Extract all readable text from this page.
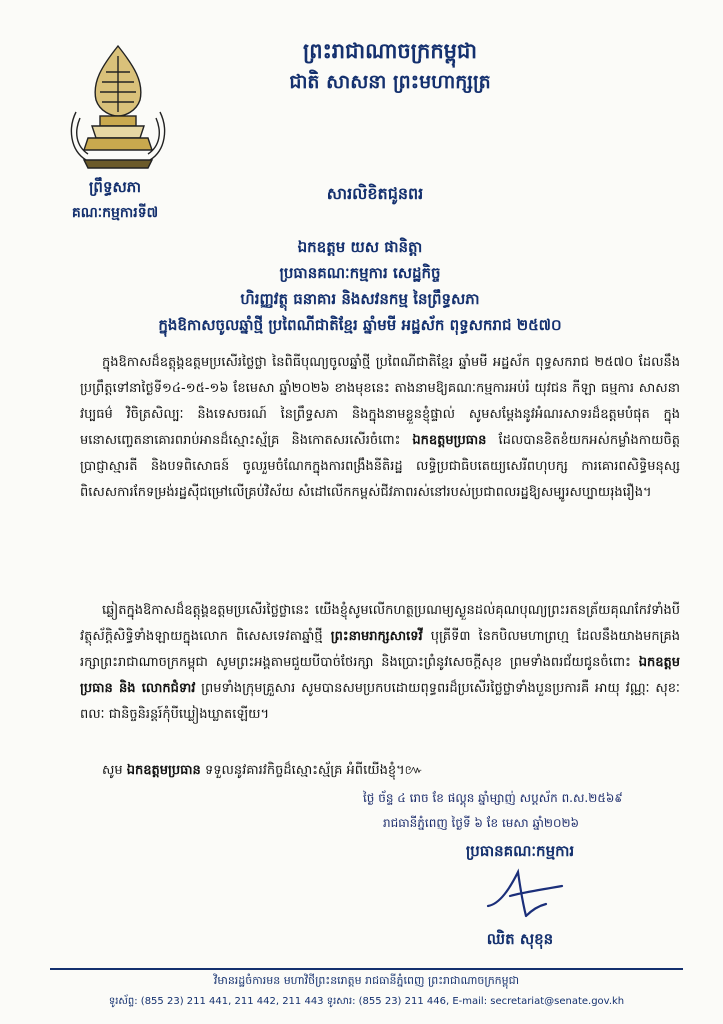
ព្រះរាជាណាចក្រកម្ពុជា
ជាតិ សាសនា ព្រះមហាក្សត្រ
ព្រឹទ្ធសភា
គណៈកម្មការទី៧
សារលិខិតជូនពរ
ឯកឧត្តម យស ផានិត្តា
ប្រធានគណៈកម្មការ សេដ្ឋកិច្ច
ហិរញ្ញវត្ថុ ធនាគារ និងសវនកម្ម នៃព្រឹទ្ធសភា
ក្នុងឱកាសចូលឆ្នាំថ្មី ប្រពៃណីជាតិខ្មែរ ឆ្នាំមមី អដ្ឋស័ក ពុទ្ធសករាជ ២៥៧០
ក្នុងឱកាសដ៏ឧត្តុង្គឧត្តមប្រសើរថ្លៃថ្លា នៃពិធីបុណ្យចូលឆ្នាំថ្មី ប្រពៃណីជាតិខ្មែរ ឆ្នាំមមី អដ្ឋស័ក ពុទ្ធសករាជ ២៥៧០ ដែលនឹងប្រព្រឹត្តទៅនាថ្ងៃទី១៤-១៥-១៦ ខែមេសា ឆ្នាំ២០២៦ ខាងមុខនេះ តាងនាមឱ្យគណៈកម្មការអប់រំ យុវជន កីឡា ធម្មការ សាសនា វប្បធម៌ វិចិត្រសិល្បៈ និងទេសចរណ៍ នៃព្រឹទ្ធសភា និងក្នុងនាមខ្លួនខ្ញុំផ្ទាល់ សូមសម្តែងនូវអំណរសាទរដ៏ឧត្តមបំផុត ក្នុងមនោសញ្ចេតនាគោរពរាប់អានដ៏ស្មោះស្ម័គ្រ និងកោតសរសើរចំពោះ ឯកឧត្តមប្រធាន ដែលបានខិតខំយកអស់កម្លាំងកាយចិត្ត ប្រាជ្ញាស្មារតី និងបទពិសោធន៍ ចូលរួមចំណែកក្នុងការពង្រឹងនីតិរដ្ឋ លទ្ធិប្រជាធិបតេយ្យសេរីពហុបក្ស ការគោរពសិទ្ធិមនុស្ស ពិសេសការកែទម្រង់រដ្ឋស៊ីជម្រៅលើគ្រប់វិស័យ សំដៅលើកកម្ពស់ជីវភាពរស់នៅរបស់ប្រជាពលរដ្ឋឱ្យសម្បូរសប្បាយរុងរឿង។
ឆ្លៀតក្នុងឱកាសដ៏ឧត្តុង្គឧត្តមប្រសើរថ្លៃថ្លានេះ យើងខ្ញុំសូមលើកហត្ថប្រណម្យស្ងួនដល់គុណបុណ្យព្រះរតនត្រ័យគុណកែវទាំងបី វត្ថុស័ក្តិសិទ្ធិទាំងឡាយក្នុងលោក ពិសេសទេវតាឆ្នាំថ្មី ព្រះនាមរាក្សសាទេវី បុត្រីទី៣ នៃកបិលមហាព្រហ្ម ដែលនឹងយាងមកគ្រងរក្សាព្រះរាជាណាចក្រកម្ពុជា សូមព្រះអង្គតាមជួយបីបាច់ថែរក្សា និងប្រោះព្រំនូវសេចក្តីសុខ ព្រមទាំងពរជ័យជូនចំពោះ ឯកឧត្តមប្រធាន និង លោកជំទាវ ព្រមទាំងក្រុមគ្រួសារ សូមបានសមប្រកបដោយពុទ្ធពរដ៏ប្រសើរថ្លៃថ្លាទាំងបួនប្រការគឺ អាយុ វណ្ណៈ សុខៈ ពលៈ ជានិច្ចនិរន្តរ៍កុំបីឃ្លៀងឃ្លាតឡើយ។
សូម ឯកឧត្តមប្រធាន ទទួលនូវគារវកិច្ចដ៏ស្មោះស្ម័គ្រ អំពីយើងខ្ញុំ។៚
ថ្ងៃ ច័ន្ទ ៤ រោច ខែ ផល្គុន ឆ្នាំម្សាញ់ សប្តស័ក ព.ស.២៥៦៩
រាជធានីភ្នំពេញ ថ្ងៃទី ៦ ខែ មេសា ឆ្នាំ២០២៦
ប្រធានគណៈកម្មការ
ឈិត សុខុន
វិមានរដ្ឋចំការមន មហាវិថីព្រះនរោត្តម រាជធានីភ្នំពេញ ព្រះរាជាណាចក្រកម្ពុជា
ទូរស័ព្ទ: (855 23) 211 441, 211 442, 211 443 ទូរសារ: (855 23) 211 446, E-mail: secretariat@senate.gov.kh
